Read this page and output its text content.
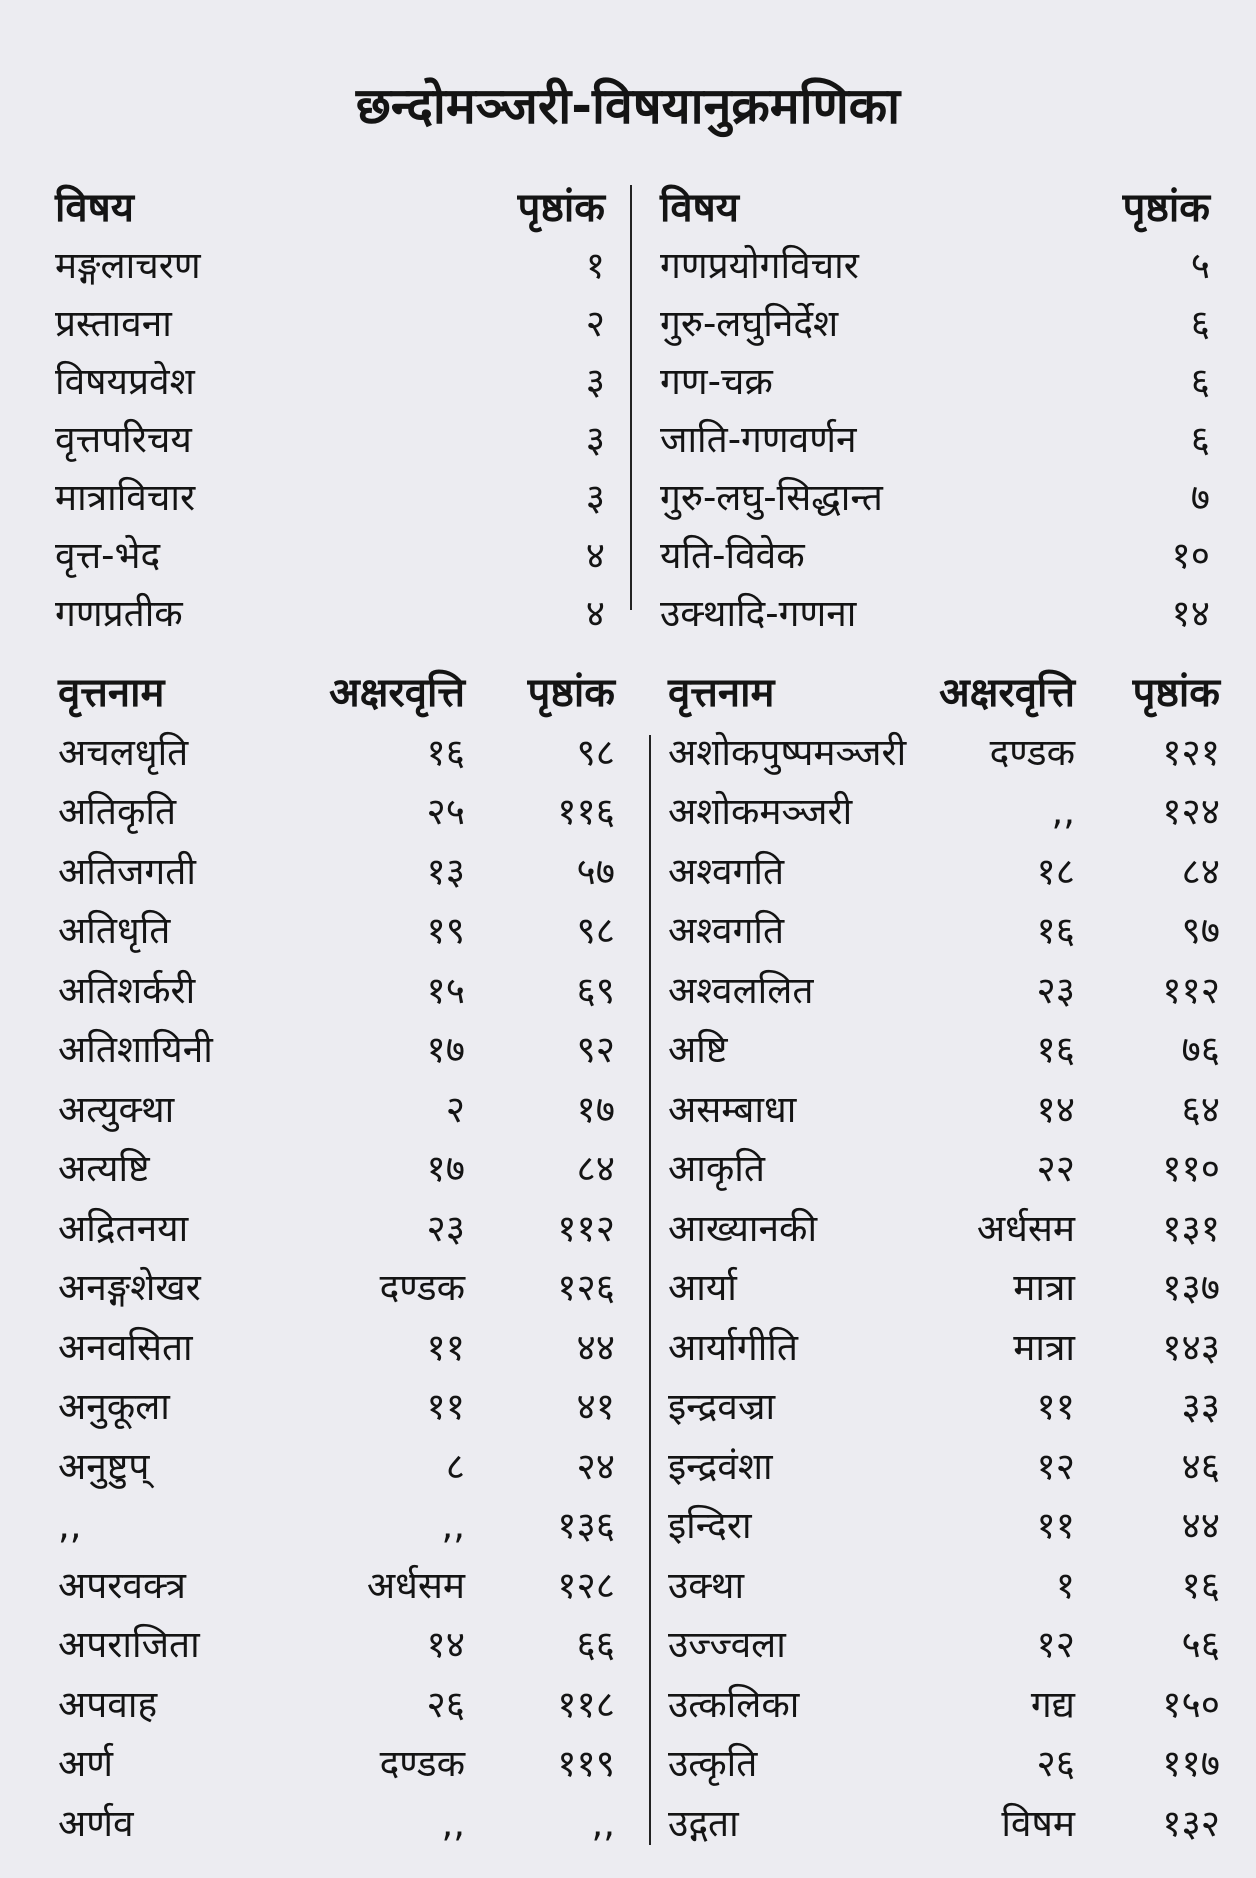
छन्दोमञ्जरी-विषयानुक्रमणिका
विषय	पृष्ठांक
मङ्गलाचरण	१
प्रस्तावना	२
विषयप्रवेश	३
वृत्तपरिचय	३
मात्राविचार	३
वृत्त-भेद	४
गणप्रतीक	४
विषय	पृष्ठांक
गणप्रयोगविचार	५
गुरु-लघुनिर्देश	६
गण-चक्र	६
जाति-गणवर्णन	६
गुरु-लघु-सिद्धान्त	७
यति-विवेक	१०
उक्थादि-गणना	१४
वृत्तनाम	अक्षरवृत्ति पृष्ठांक
अचलधृति	१६	९८
अतिकृति	२५ ११६
अतिजगती	१३	५७
अतिधृति	१९	९८
अतिशर्करी	१५	६९
अतिशायिनी	१७	९२
अत्युक्था	२	१७
अत्यष्टि	१७	८४
अद्रितनया	२३ ११२
अनङ्गशेखर	दण्डक १२६
अनवसिता	११	४४
अनुकूला	११	४१
अनुष्टुप्	८	२४
,,	,, १३६
अपरवक्त्र	अर्धसम १२८
अपराजिता	१४	६६
अपवाह	२६ ११८
अर्ण	दण्डक ११९
अर्णव	,,	,,
वृत्तनाम	अक्षरवृत्ति पृष्ठांक
अशोकपुष्पमञ्जरी दण्डक १२१
अशोकमञ्जरी	,, १२४
अश्वगति	१८	८४
अश्वगति	१६	९७
अश्वललित	२३ ११२
अष्टि	१६	७६
असम्बाधा	१४	६४
आकृति	२२ ११०
आख्यानकी	अर्धसम १३१
आर्या	मात्रा १३७
आर्यागीति	मात्रा १४३
इन्द्रवज्रा	११	३३
इन्द्रवंशा	१२	४६
इन्दिरा	११	४४
उक्था	१	१६
उज्ज्वला	१२	५६
उत्कलिका	गद्य १५०
उत्कृति	२६ ११७
उद्गता	विषम १३२
